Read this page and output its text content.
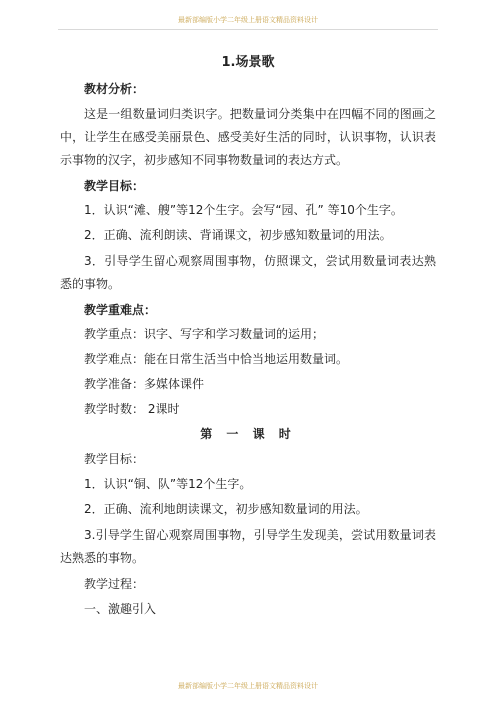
最新部编版小学二年级上册语文精品资料设计
1.场景歌
教材分析：
这是一组数量词归类识字。把数量词分类集中在四幅不同的图画之中，让学生在感受美丽景色、感受美好生活的同时，认识事物，认识表示事物的汉字，初步感知不同事物数量词的表达方式。
教学目标：
1．认识“滩、艘”等12个生字。会写“园、孔” 等10个生字。
2．正确、流利朗读、背诵课文，初步感知数量词的用法。
3．引导学生留心观察周围事物，仿照课文，尝试用数量词表达熟悉的事物。
教学重难点：
教学重点：识字、写字和学习数量词的运用；
教学难点：能在日常生活当中恰当地运用数量词。
教学准备：多媒体课件
教学时数： 2课时
第 一 课 时
教学目标：
1．认识“铜、队”等12个生字。
2．正确、流利地朗读课文，初步感知数量词的用法。
3.引导学生留心观察周围事物，引导学生发现美，尝试用数量词表达熟悉的事物。
教学过程：
一、激趣引入
最新部编版小学二年级上册语文精品资料设计
